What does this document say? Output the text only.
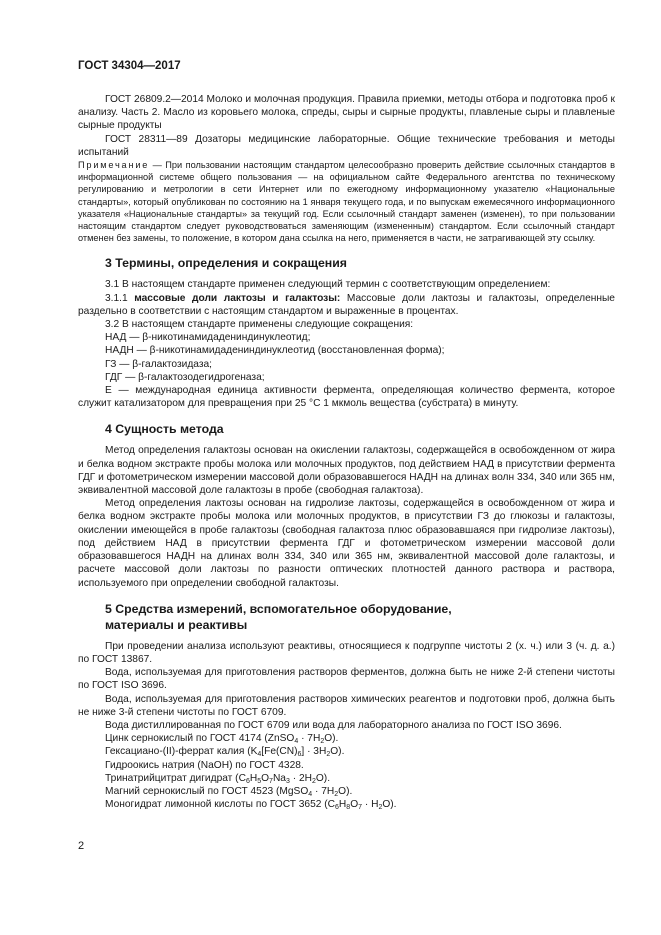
ГОСТ 34304—2017

ГОСТ 26809.2—2014 Молоко и молочная продукция. Правила приемки, методы отбора и подготовка проб к анализу. Часть 2. Масло из коровьего молока, спреды, сыры и сырные продукты, плавленые сыры и плавленые сырные продукты

ГОСТ 28311—89 Дозаторы медицинские лабораторные. Общие технические требования и методы испытаний

Примечание — При пользовании настоящим стандартом целесообразно проверить действие ссылочных стандартов в информационной системе общего пользования — на официальном сайте Федерального агентства по техническому регулированию и метрологии в сети Интернет или по ежегодному информационному указателю «Национальные стандарты», который опубликован по состоянию на 1 января текущего года, и по выпускам ежемесячного информационного указателя «Национальные стандарты» за текущий год. Если ссылочный стандарт заменен (изменен), то при пользовании настоящим стандартом следует руководствоваться заменяющим (измененным) стандартом. Если ссылочный стандарт отменен без замены, то положение, в котором дана ссылка на него, применяется в части, не затрагивающей эту ссылку.

3 Термины, определения и сокращения

3.1 В настоящем стандарте применен следующий термин с соответствующим определением:

3.1.1 массовые доли лактозы и галактозы: Массовые доли лактозы и галактозы, определенные раздельно в соответствии с настоящим стандартом и выраженные в процентах.

3.2 В настоящем стандарте применены следующие сокращения:

НАД — β-никотинамидадениндинуклеотид;

НАДН — β-никотинамидадениндинуклеотид (восстановленная форма);

ГЗ — β-галактозидаза;

ГДГ — β-галактозодегидрогеназа;

Е — международная единица активности фермента, определяющая количество фермента, которое служит катализатором для превращения при 25 °С 1 мкмоль вещества (субстрата) в минуту.

4 Сущность метода

Метод определения галактозы основан на окислении галактозы, содержащейся в освобожденном от жира и белка водном экстракте пробы молока или молочных продуктов, под действием НАД в присутствии фермента ГДГ и фотометрическом измерении массовой доли образовавшегося НАДН на длинах волн 334, 340 или 365 нм, эквивалентной массовой доле галактозы в пробе (свободная галактоза).

Метод определения лактозы основан на гидролизе лактозы, содержащейся в освобожденном от жира и белка водном экстракте пробы молока или молочных продуктов, в присутствии ГЗ до глюкозы и галактозы, окислении имеющейся в пробе галактозы (свободная галактоза плюс образовавшаяся при гидролизе лактозы), под действием НАД в присутствии фермента ГДГ и фотометрическом измерении массовой доли образовавшегося НАДН на длинах волн 334, 340 или 365 нм, эквивалентной массовой доле галактозы, и расчете массовой доли лактозы по разности оптических плотностей данного раствора и раствора, используемого при определении свободной галактозы.

5 Средства измерений, вспомогательное оборудование,
материалы и реактивы

При проведении анализа используют реактивы, относящиеся к подгруппе чистоты 2 (х. ч.) или 3 (ч. д. а.) по ГОСТ 13867.

Вода, используемая для приготовления растворов ферментов, должна быть не ниже 2-й степени чистоты по ГОСТ ISO 3696.

Вода, используемая для приготовления растворов химических реагентов и подготовки проб, должна быть не ниже 3-й степени чистоты по ГОСТ 6709.

Вода дистиллированная по ГОСТ 6709 или вода для лабораторного анализа по ГОСТ ISO 3696.

Цинк сернокислый по ГОСТ 4174 (ZnSO$_4$ · $7H_2O$).

Гексациано-(II)-феррат калия $(K_4[Fe(CN)_6] \cdot 3H_2O)$.

Гидроокись натрия (NaOH) по ГОСТ 4328.

Тринатрийцитрат дигидрат $(C_6H_5O_7Na_3 \cdot 2H_2O)$.

Магний сернокислый по ГОСТ 4523 (MgSO$_4$ · $7H_2O$).

Моногидрат лимонной кислоты по ГОСТ 3652 $(C_6H_8O_7 \cdot H_2O)$.

2
